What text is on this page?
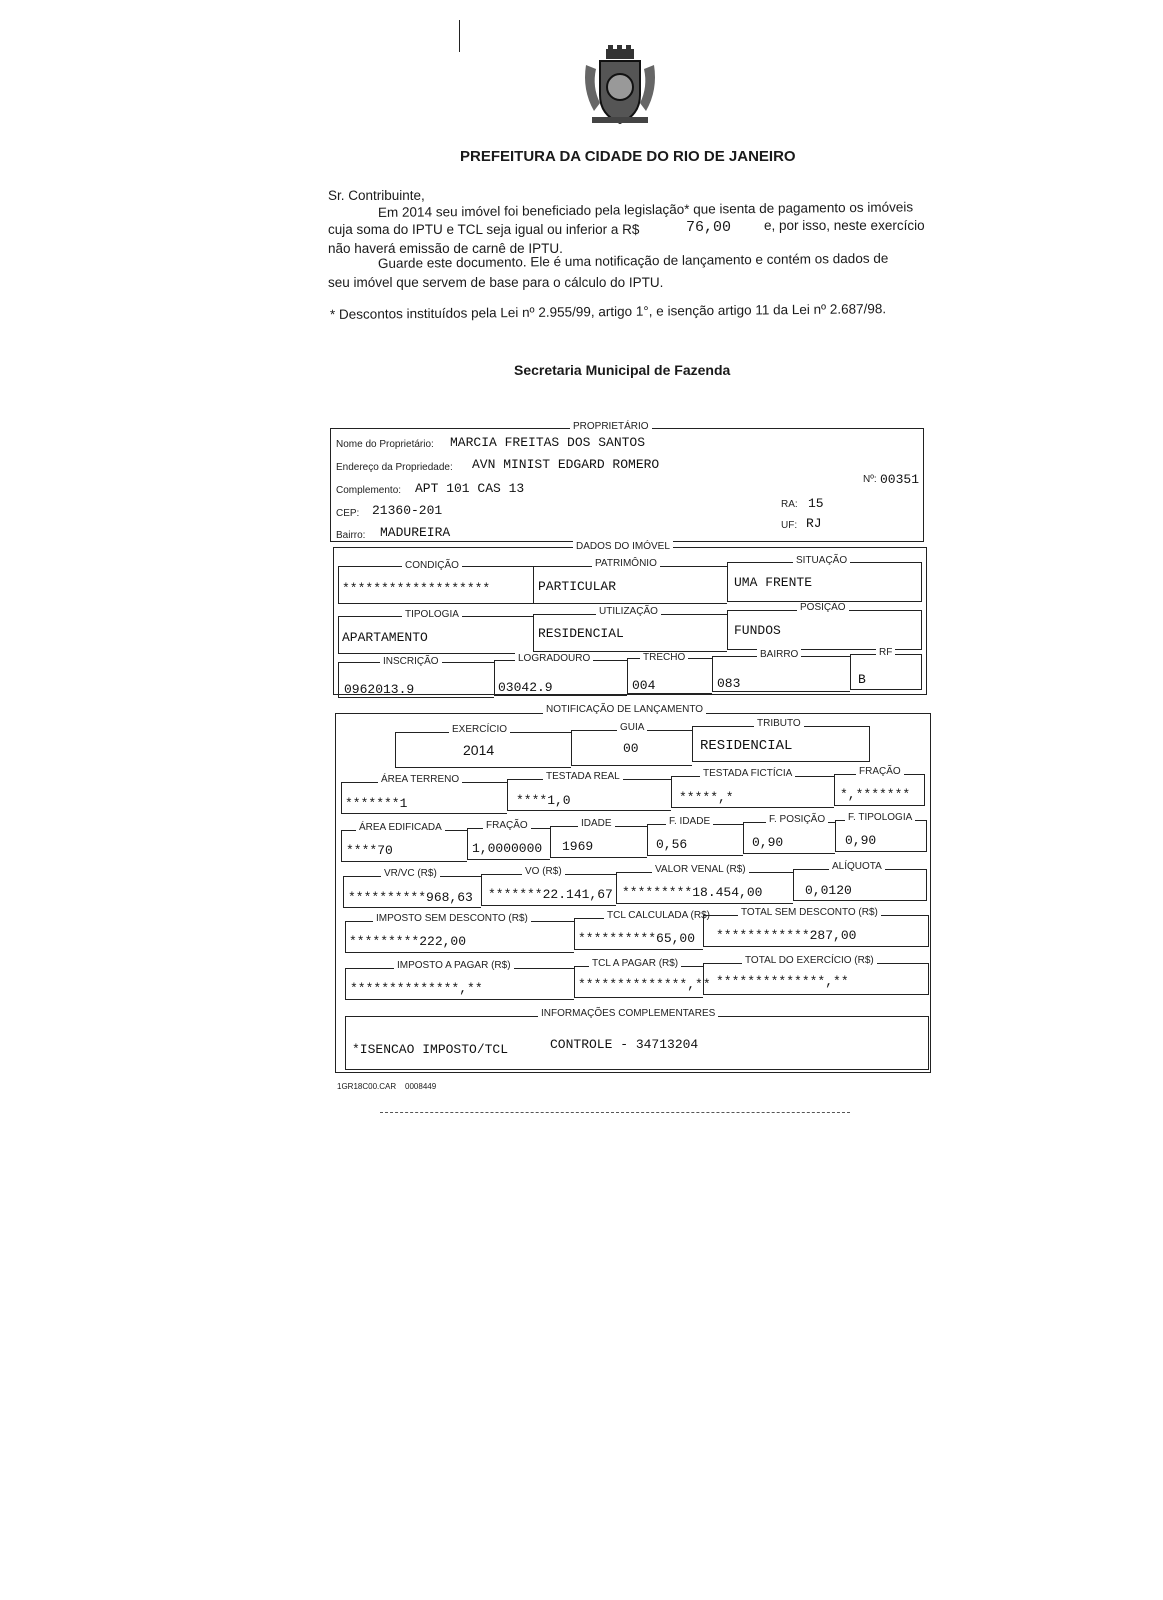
PREFEITURA DA CIDADE DO RIO DE JANEIRO
Sr. Contribuinte,
Em 2014 seu imóvel foi beneficiado pela legislação* que isenta de pagamento os imóveis
cuja soma do IPTU e TCL seja igual ou inferior a R$	76,00 e, por isso, neste exercício
não haverá emissão de carnê de IPTU.
Guarde este documento. Ele é uma notificação de lançamento e contém os dados de
seu imóvel que servem de base para o cálculo do IPTU.
* Descontos instituídos pela Lei nº 2.955/99, artigo 1°, e isenção artigo 11 da Lei nº 2.687/98.
Secretaria Municipal de Fazenda
PROPRIETÁRIO
Nome do Proprietário: MARCIA FREITAS DOS SANTOS
Endereço da Propriedade: AVN MINIST EDGARD ROMERO
Complemento: APT 101 CAS 13
CEP: 21360-201
Bairro: MADUREIRA
Nº: 00351
RA: 15
UF: RJ
DADOS DO IMÓVEL
CONDIÇÃO
*******************
PATRIMÔNIO
PARTICULAR
SITUAÇÃO
UMA FRENTE
TIPOLOGIA
APARTAMENTO
UTILIZAÇÃO
RESIDENCIAL
POSIÇÃO
FUNDOS
INSCRIÇÃO
0962013.9
LOGRADOURO
03042.9
TRECHO
004
BAIRRO
083
RF
B
NOTIFICAÇÃO DE LANÇAMENTO
EXERCÍCIO
2014
GUIA
00
TRIBUTO
RESIDENCIAL
ÁREA TERRENO
*******1
TESTADA REAL
****1,0
TESTADA FICTÍCIA
*****,*
FRAÇÃO
*,*******
ÁREA EDIFICADA
****70
FRAÇÃO
1,0000000
IDADE
1969
F. IDADE
0,56
F. POSIÇÃO
0,90
F. TIPOLOGIA
0,90
VR/VC (R$)
**********968,63
VO (R$)
*******22.141,67
VALOR VENAL (R$)
*********18.454,00
ALÍQUOTA
0,0120
IMPOSTO SEM DESCONTO (R$)
*********222,00
TCL CALCULADA (R$)
**********65,00
TOTAL SEM DESCONTO (R$)
************287,00
IMPOSTO A PAGAR (R$)
**************,**
TCL A PAGAR (R$)
**************,**
TOTAL DO EXERCÍCIO (R$)
**************,**
INFORMAÇÕES COMPLEMENTARES
*ISENCAO IMPOSTO/TCL	CONTROLE - 34713204
1GR18C00.CAR    0008449
